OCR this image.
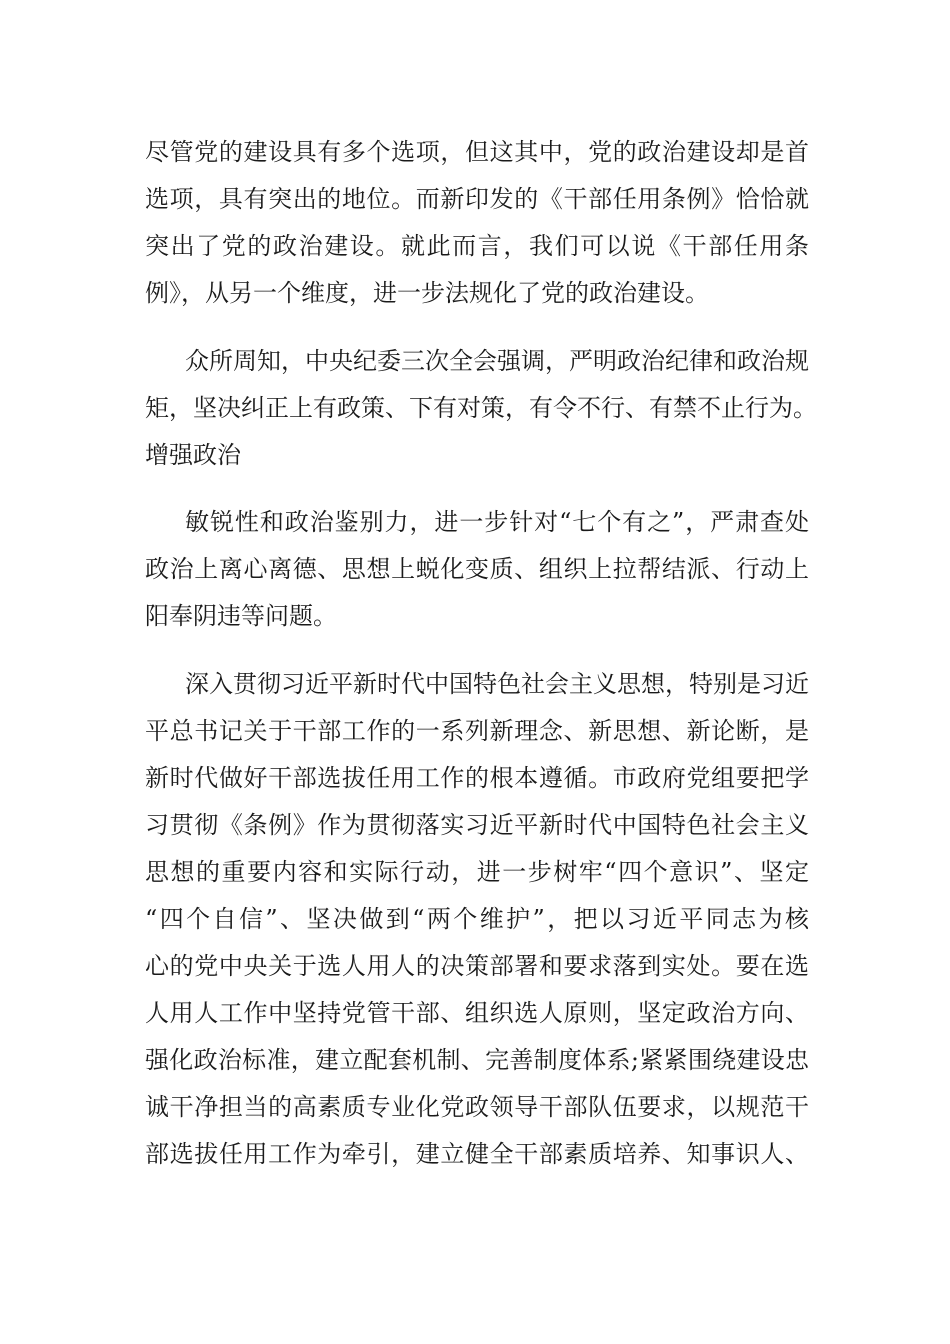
尽管党的建设具有多个选项，但这其中，党的政治建设却是首
选项，具有突出的地位。而新印发的《干部任用条例》恰恰就
突出了党的政治建设。就此而言，我们可以说《干部任用条
例》，从另一个维度，进一步法规化了党的政治建设。

众所周知，中央纪委三次全会强调，严明政治纪律和政治规
矩，坚决纠正上有政策、下有对策，有令不行、有禁不止行为。
增强政治

敏锐性和政治鉴别力，进一步针对“七个有之”，严肃查处
政治上离心离德、思想上蜕化变质、组织上拉帮结派、行动上
阳奉阴违等问题。

深入贯彻习近平新时代中国特色社会主义思想，特别是习近
平总书记关于干部工作的一系列新理念、新思想、新论断，是
新时代做好干部选拔任用工作的根本遵循。市政府党组要把学
习贯彻《条例》作为贯彻落实习近平新时代中国特色社会主义
思想的重要内容和实际行动，进一步树牢“四个意识”、坚定
“四个自信”、坚决做到“两个维护”，把以习近平同志为核
心的党中央关于选人用人的决策部署和要求落到实处。要在选
人用人工作中坚持党管干部、组织选人原则，坚定政治方向、
强化政治标准，建立配套机制、完善制度体系;紧紧围绕建设忠
诚干净担当的高素质专业化党政领导干部队伍要求，以规范干
部选拔任用工作为牵引，建立健全干部素质培养、知事识人、
